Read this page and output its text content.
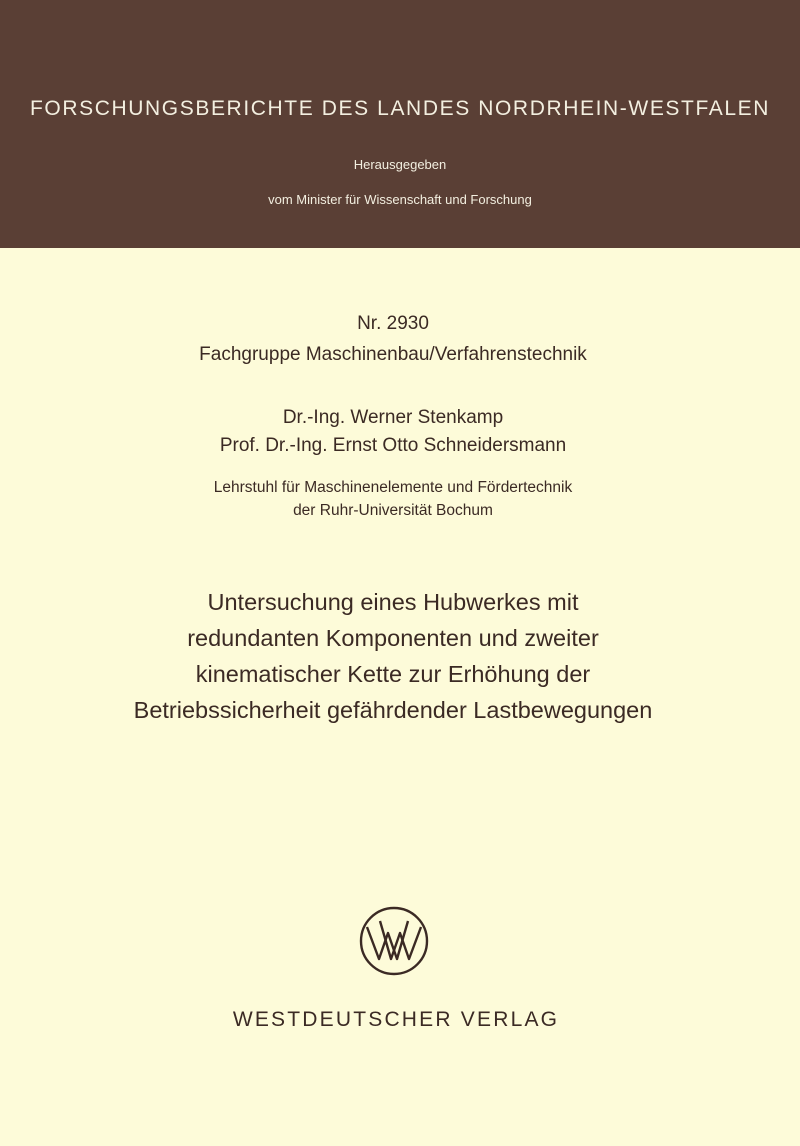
FORSCHUNGSBERICHTE DES LANDES NORDRHEIN-WESTFALEN
Herausgegeben
vom Minister für Wissenschaft und Forschung
Nr. 2930
Fachgruppe Maschinenbau/Verfahrenstechnik
Dr.-Ing. Werner Stenkamp
Prof. Dr.-Ing. Ernst Otto Schneidersmann
Lehrstuhl für Maschinenelemente und Fördertechnik
der Ruhr-Universität Bochum
Untersuchung eines Hubwerkes mit
redundanten Komponenten und zweiter
kinematischer Kette zur Erhöhung der
Betriebssicherheit gefährdender Lastbewegungen
WESTDEUTSCHER VERLAG
